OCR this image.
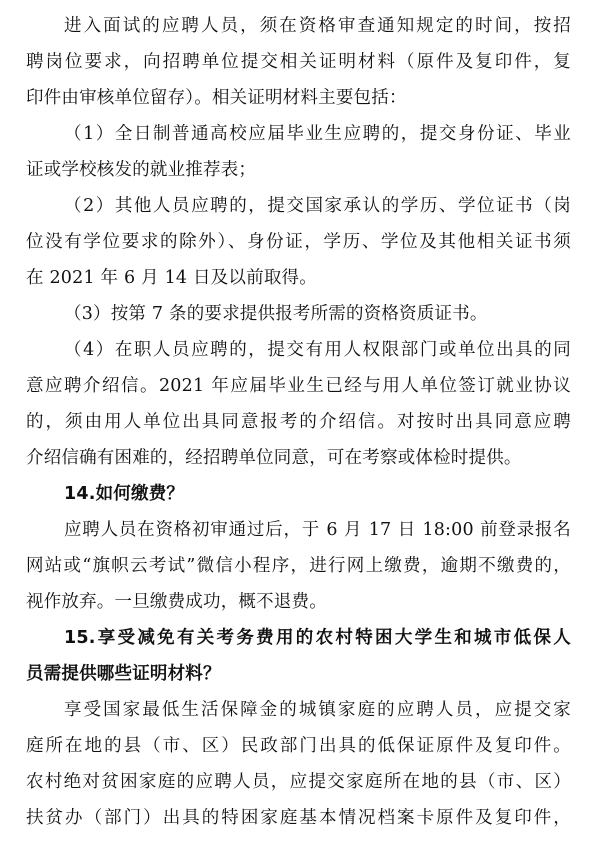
进入面试的应聘人员，须在资格审查通知规定的时间，按招
聘岗位要求，向招聘单位提交相关证明材料（原件及复印件，复
印件由审核单位留存）。相关证明材料主要包括：
（1）全日制普通高校应届毕业生应聘的，提交身份证、毕业
证或学校核发的就业推荐表；
（2）其他人员应聘的，提交国家承认的学历、学位证书（岗
位没有学位要求的除外）、身份证，学历、学位及其他相关证书须
在 2021 年 6 月 14 日及以前取得。
（3）按第 7 条的要求提供报考所需的资格资质证书。
（4）在职人员应聘的，提交有用人权限部门或单位出具的同
意应聘介绍信。2021 年应届毕业生已经与用人单位签订就业协议
的，须由用人单位出具同意报考的介绍信。对按时出具同意应聘
介绍信确有困难的，经招聘单位同意，可在考察或体检时提供。
14.如何缴费？
应聘人员在资格初审通过后，于 6 月 17 日 18:00 前登录报名
网站或“旗帜云考试”微信小程序，进行网上缴费，逾期不缴费的，
视作放弃。一旦缴费成功，概不退费。
15.享受减免有关考务费用的农村特困大学生和城市低保人
员需提供哪些证明材料？
享受国家最低生活保障金的城镇家庭的应聘人员，应提交家
庭所在地的县（市、区）民政部门出具的低保证原件及复印件。
农村绝对贫困家庭的应聘人员，应提交家庭所在地的县（市、区）
扶贫办（部门）出具的特困家庭基本情况档案卡原件及复印件，
